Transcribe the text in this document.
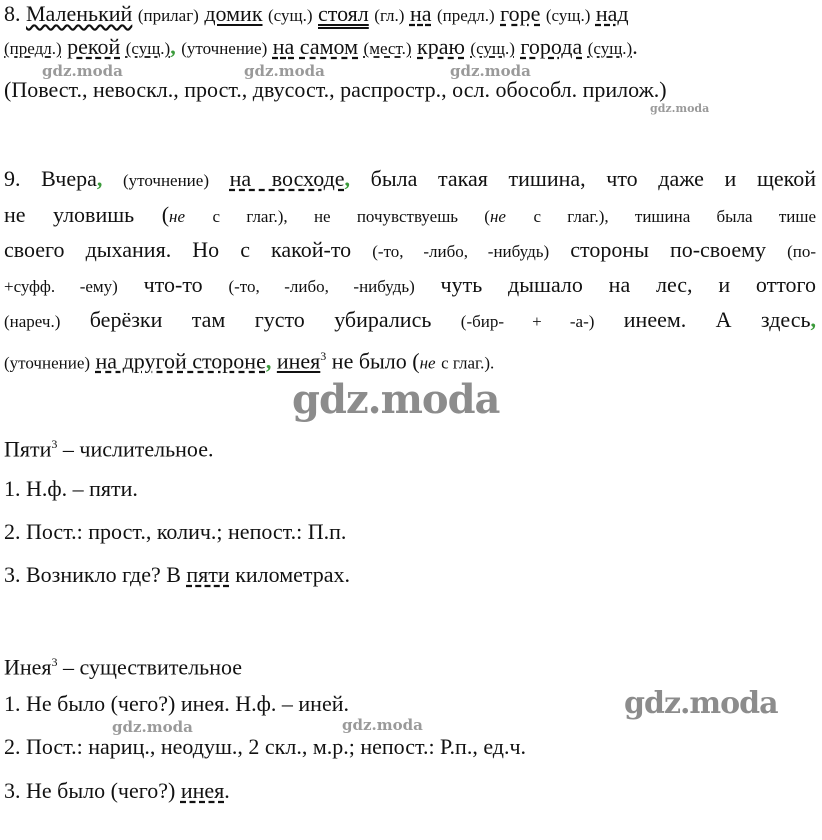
8. Маленький (прилаг) домик (сущ.) стоял (гл.) на (предл.) горе (сущ.) над
(предл.) рекой (сущ.), (уточнение) на самом (мест.) краю (сущ.) города (сущ.).
(Повест., невоскл., прост., двусост., распростр., осл. обособл. прилож.)
9. Вчера, (уточнение) на восходе, была такая тишина, что даже и щекой
не уловишь (не с глаг.), не почувствуешь (не с глаг.), тишина была тише
своего дыхания. Но с какой-то (-то, -либо, -нибудь) стороны по-своему (по-
+суфф. -ему) что-то (-то, -либо, -нибудь) чуть дышало на лес, и оттого
(нареч.) берёзки там густо убирались (-бир- + -а-) инеем. А здесь,
(уточнение) на другой стороне, инея$^3$ не было (не с глаг.).
Пяти$^3$ – числительное.
1. Н.ф. – пяти.
2. Пост.: прост., колич.; непост.: П.п.
3. Возникло где? В пяти километрах.
Инея$^3$ – существительное
1. Не было (чего?) инея. Н.ф. – иней.
2. Пост.: нариц., неодуш., 2 скл., м.р.; непост.: Р.п., ед.ч.
3. Не было (чего?) инея.
gdz.moda	gdz.moda	gdz.moda
gdz.moda
gdz.moda
gdz.moda
gdz.moda	gdz.moda
